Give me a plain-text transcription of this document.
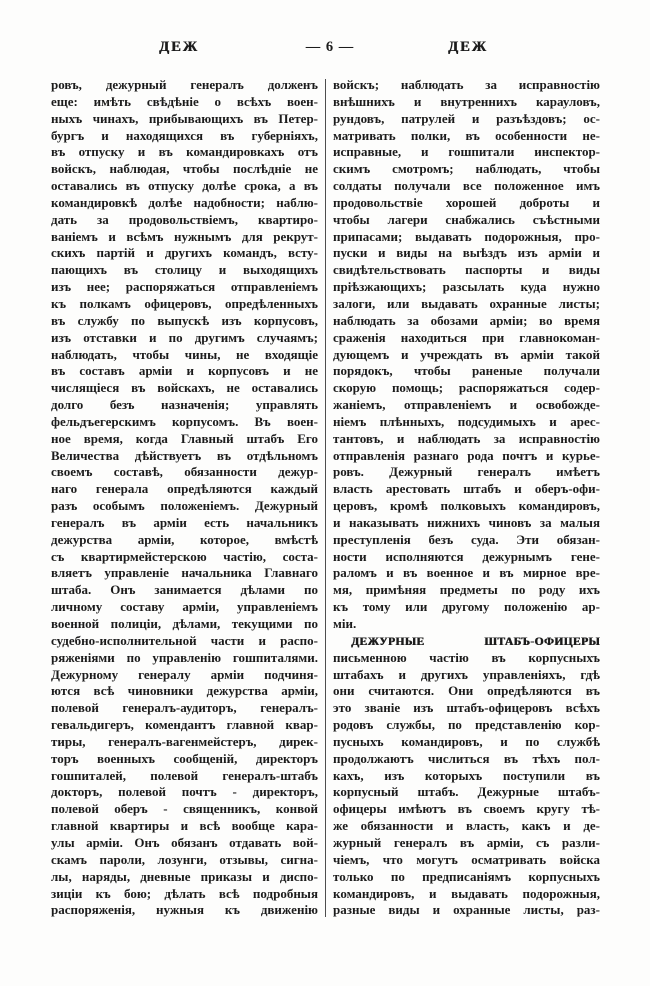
ДЕЖ	— 6 —	ДЕЖ
ровъ, дежурный генералъ долженъ
еще: имѣть свѣдѣніе о всѣхъ воен-
ныхъ чинахъ, прибывающихъ въ Петер-
бургъ и находящихся въ губерніяхъ,
въ отпуску и въ командировкахъ отъ
войскъ, наблюдая, чтобы послѣдніе не
оставались въ отпуску долѣе срока, а въ
командировкѣ долѣе надобности; наблю-
дать за продовольствіемъ, квартиро-
ваніемъ и всѣмъ нужнымъ для рекрут-
скихъ партій и другихъ командъ, всту-
пающихъ въ столицу и выходящихъ
изъ нее; распоряжаться отправленіемъ
къ полкамъ офицеровъ, опредѣленныхъ
въ службу по выпускѣ изъ корпусовъ,
изъ отставки и по другимъ случаямъ;
наблюдать, чтобы чины, не входящіе
въ составъ арміи и корпусовъ и не
числящіеся въ войскахъ, не оставались
долго безъ назначенія; управлять
фельдъегерскимъ корпусомъ. Въ воен-
ное время, когда Главный штабъ Его
Величества дѣйствуетъ въ отдѣльномъ
своемъ составѣ, обязанности дежур-
наго генерала опредѣляются каждый
разъ особымъ положеніемъ. Дежурный
генералъ въ арміи есть начальникъ
дежурства арміи, которое, вмѣстѣ
съ квартирмейстерскою частію, соста-
вляетъ управленіе начальника Главнаго
штаба. Онъ занимается дѣлами по
личному составу арміи, управленіемъ
военной полиціи, дѣлами, текущими по
судебно-исполнительной части и распо-
ряженіями по управленію гошпиталями.
Дежурному генералу арміи подчиня-
ются всѣ чиновники дежурства арміи,
полевой генералъ-аудиторъ, генералъ-
гевальдигеръ, комендантъ главной квар-
тиры, генералъ-вагенмейстеръ, дирек-
торъ военныхъ сообщеній, директоръ
гошпиталей, полевой генералъ-штабъ
докторъ, полевой почтъ - директоръ,
полевой оберъ - священникъ, конвой
главной квартиры и всѣ вообще кара-
улы арміи. Онъ обязанъ отдавать вой-
скамъ пароли, лозунги, отзывы, сигна-
лы, наряды, дневные приказы и диспо-
зиціи къ бою; дѣлать всѣ подробныя
распоряженія, нужныя къ движенію
войскъ; наблюдать за исправностію
внѣшнихъ и внутреннихъ карауловъ,
рундовъ, патрулей и разъѣздовъ; ос-
матривать полки, въ особенности не-
исправные, и гошпитали инспектор-
скимъ смотромъ; наблюдать, чтобы
солдаты получали все положенное имъ
продовольствіе хорошей доброты и
чтобы лагери снабжались съѣстными
припасами; выдавать подорожныя, про-
пуски и виды на выѣздъ изъ арміи и
свидѣтельствовать паспорты и виды
пріѣзжающихъ; разсылать куда нужно
залоги, или выдавать охранные листы;
наблюдать за обозами арміи; во время
сраженія находиться при главнокоман-
дующемъ и учреждать въ арміи такой
порядокъ, чтобы раненые получали
скорую помощь; распоряжаться содер-
жаніемъ, отправленіемъ и освобожде-
ніемъ плѣнныхъ, подсудимыхъ и арес-
тантовъ, и наблюдать за исправностію
отправленія разнаго рода почтъ и курье-
ровъ. Дежурный генералъ имѣетъ
власть арестовать штабъ и оберъ-офи-
церовъ, кромѣ полковыхъ командировъ,
и наказывать нижнихъ чиновъ за малыя
преступленія безъ суда. Эти обязан-
ности исполняются дежурнымъ гене-
раломъ и въ военное и въ мирное вре-
мя, примѣняя предметы по роду ихъ
къ тому или другому положенію ар-
міи.
ДЕЖУРНЫЕ ШТАБЪ-ОФИЦЕРЫ
письменною частію въ корпусныхъ
штабахъ и другихъ управленіяхъ, гдѣ
они считаются. Они опредѣляются въ
это званіе изъ штабъ-офицеровъ всѣхъ
родовъ службы, по представленію кор-
пусныхъ командировъ, и по службѣ
продолжаютъ числиться въ тѣхъ пол-
кахъ, изъ которыхъ поступили въ
корпусный штабъ. Дежурные штабъ-
офицеры имѣютъ въ своемъ кругу тѣ-
же обязанности и власть, какъ и де-
журный генералъ въ арміи, съ разли-
чіемъ, что могутъ осматривать войска
только по предписаніямъ корпусныхъ
командировъ, и выдавать подорожныя,
разные виды и охранные листы, раз-
